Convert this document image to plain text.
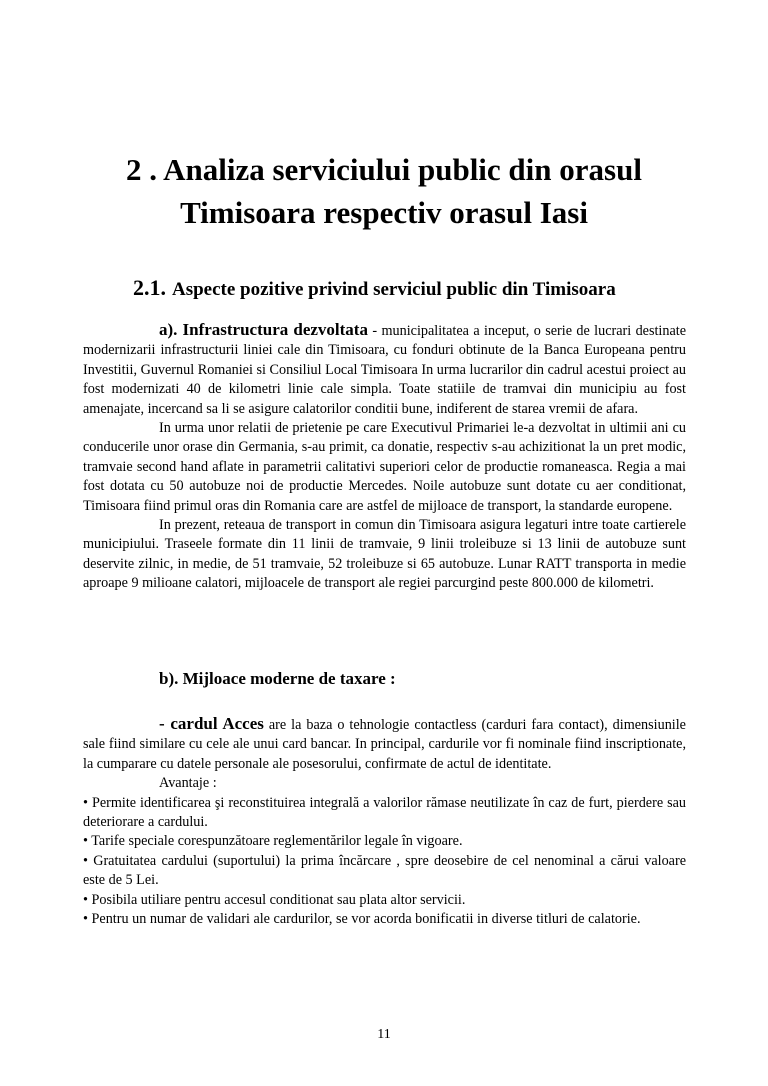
2 . Analiza serviciului public din orasul
Timisoara respectiv orasul Iasi
2.1. Aspecte pozitive privind serviciul public din Timisoara

a). Infrastructura dezvoltata - municipalitatea a inceput, o serie de lucrari destinate modernizarii infrastructurii liniei cale din Timisoara, cu fonduri obtinute de la Banca Europeana pentru Investitii, Guvernul Romaniei si Consiliul Local Timisoara In urma lucrarilor din cadrul acestui proiect au fost modernizati 40 de kilometri linie cale simpla. Toate statiile de tramvai din municipiu au fost amenajate, incercand sa li se asigure calatorilor conditii bune, indiferent de starea vremii de afara.

In urma unor relatii de prietenie pe care Executivul Primariei le-a dezvoltat in ultimii ani cu conducerile unor orase din Germania, s-au primit, ca donatie, respectiv s-au achizitionat la un pret modic, tramvaie second hand aflate in parametrii calitativi superiori celor de productie romaneasca. Regia a mai fost dotata cu 50 autobuze noi de productie Mercedes. Noile autobuze sunt dotate cu aer conditionat, Timisoara fiind primul oras din Romania care are astfel de mijloace de transport, la standarde europene.

In prezent, reteaua de transport in comun din Timisoara asigura legaturi intre toate cartierele municipiului. Traseele formate din 11 linii de tramvaie, 9 linii troleibuze si 13 linii de autobuze sunt deservite zilnic, in medie, de 51 tramvaie, 52 troleibuze si 65 autobuze. Lunar RATT transporta in medie aproape 9 milioane calatori, mijloacele de transport ale regiei parcurgind peste 800.000 de kilometri.

b). Mijloace moderne de taxare :

- cardul Acces are la baza o tehnologie contactless (carduri fara contact), dimensiunile sale fiind similare cu cele ale unui card bancar. In principal, cardurile vor fi nominale fiind inscriptionate, la cumparare cu datele personale ale posesorului, confirmate de actul de identitate.

Avantaje :

• Permite identificarea şi reconstituirea integrală a valorilor rămase neutilizate în caz de furt, pierdere sau deteriorare a cardului.

• Tarife speciale corespunzătoare reglementărilor legale în vigoare.

• Gratuitatea cardului (suportului) la prima încărcare , spre deosebire de cel nenominal a cărui valoare este de 5 Lei.

• Posibila utiliare pentru accesul conditionat sau plata altor servicii.

• Pentru un numar de validari ale cardurilor, se vor acorda bonificatii in diverse titluri de calatorie.

11
